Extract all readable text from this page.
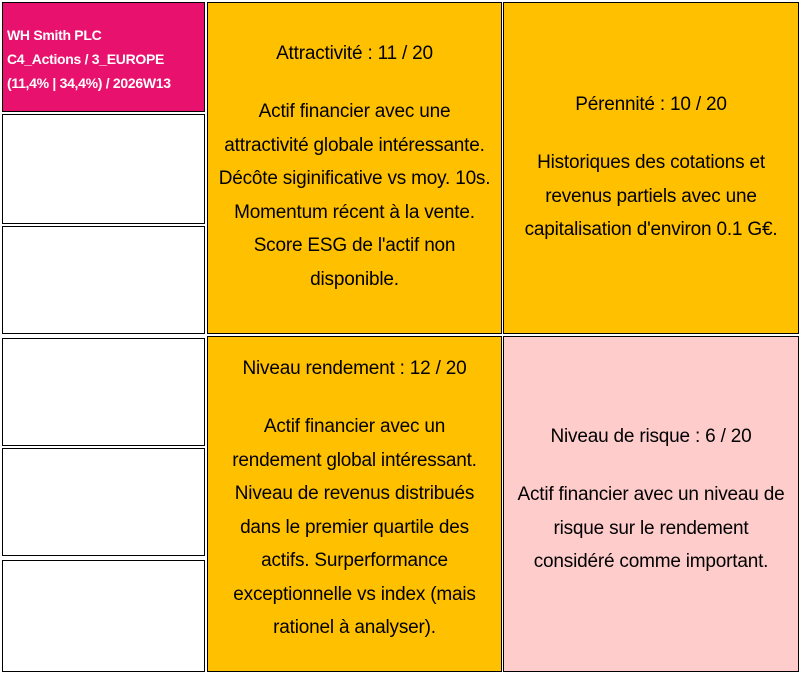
WH Smith PLC
C4_Actions / 3_EUROPE
(11,4% | 34,4%) / 2026W13
Attractivité : 11 / 20
Actif financier avec une
attractivité globale intéressante.
Décôte siginificative vs moy. 10s.
Momentum récent à la vente.
Score ESG de l'actif non
disponible.
Pérennité : 10 / 20
Historiques des cotations et
revenus partiels avec une
capitalisation d'environ 0.1 G€.
Niveau rendement : 12 / 20
Actif financier avec un
rendement global intéressant.
Niveau de revenus distribués
dans le premier quartile des
actifs. Surperformance
exceptionnelle vs index (mais
rationel à analyser).
Niveau de risque : 6 / 20
Actif financier avec un niveau de
risque sur le rendement
considéré comme important.
